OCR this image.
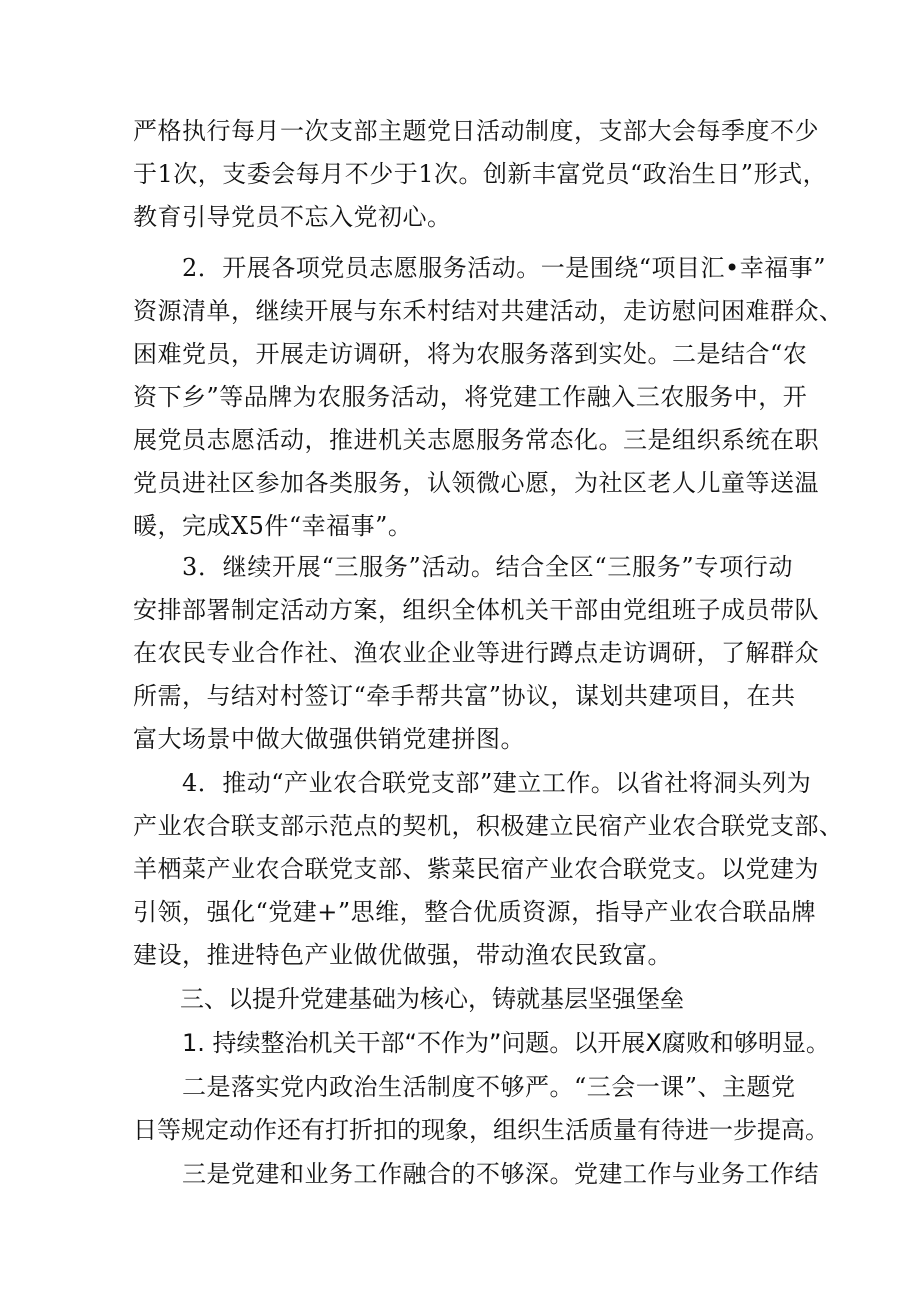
严格执行每月一次支部主题党日活动制度，支部大会每季度不少
于1次，支委会每月不少于1次。创新丰富党员“政治生日”形式，
教育引导党员不忘入党初心。
2．开展各项党员志愿服务活动。一是围绕“项目汇•幸福事”
资源清单，继续开展与东禾村结对共建活动，走访慰问困难群众、
困难党员，开展走访调研，将为农服务落到实处。二是结合“农
资下乡”等品牌为农服务活动，将党建工作融入三农服务中，开
展党员志愿活动，推进机关志愿服务常态化。三是组织系统在职
党员进社区参加各类服务，认领微心愿，为社区老人儿童等送温
暖，完成X5件“幸福事”。
3．继续开展“三服务”活动。结合全区“三服务”专项行动
安排部署制定活动方案，组织全体机关干部由党组班子成员带队
在农民专业合作社、渔农业企业等进行蹲点走访调研，了解群众
所需，与结对村签订“牵手帮共富”协议，谋划共建项目，在共
富大场景中做大做强供销党建拼图。
4．推动“产业农合联党支部”建立工作。以省社将洞头列为
产业农合联支部示范点的契机，积极建立民宿产业农合联党支部、
羊栖菜产业农合联党支部、紫菜民宿产业农合联党支。以党建为
引领，强化“党建+”思维，整合优质资源，指导产业农合联品牌
建设，推进特色产业做优做强，带动渔农民致富。
三、以提升党建基础为核心，铸就基层坚强堡垒
1. 持续整治机关干部“不作为”问题。以开展X腐败和够明显。
二是落实党内政治生活制度不够严。“三会一课”、主题党
日等规定动作还有打折扣的现象，组织生活质量有待进一步提高。
三是党建和业务工作融合的不够深。党建工作与业务工作结
